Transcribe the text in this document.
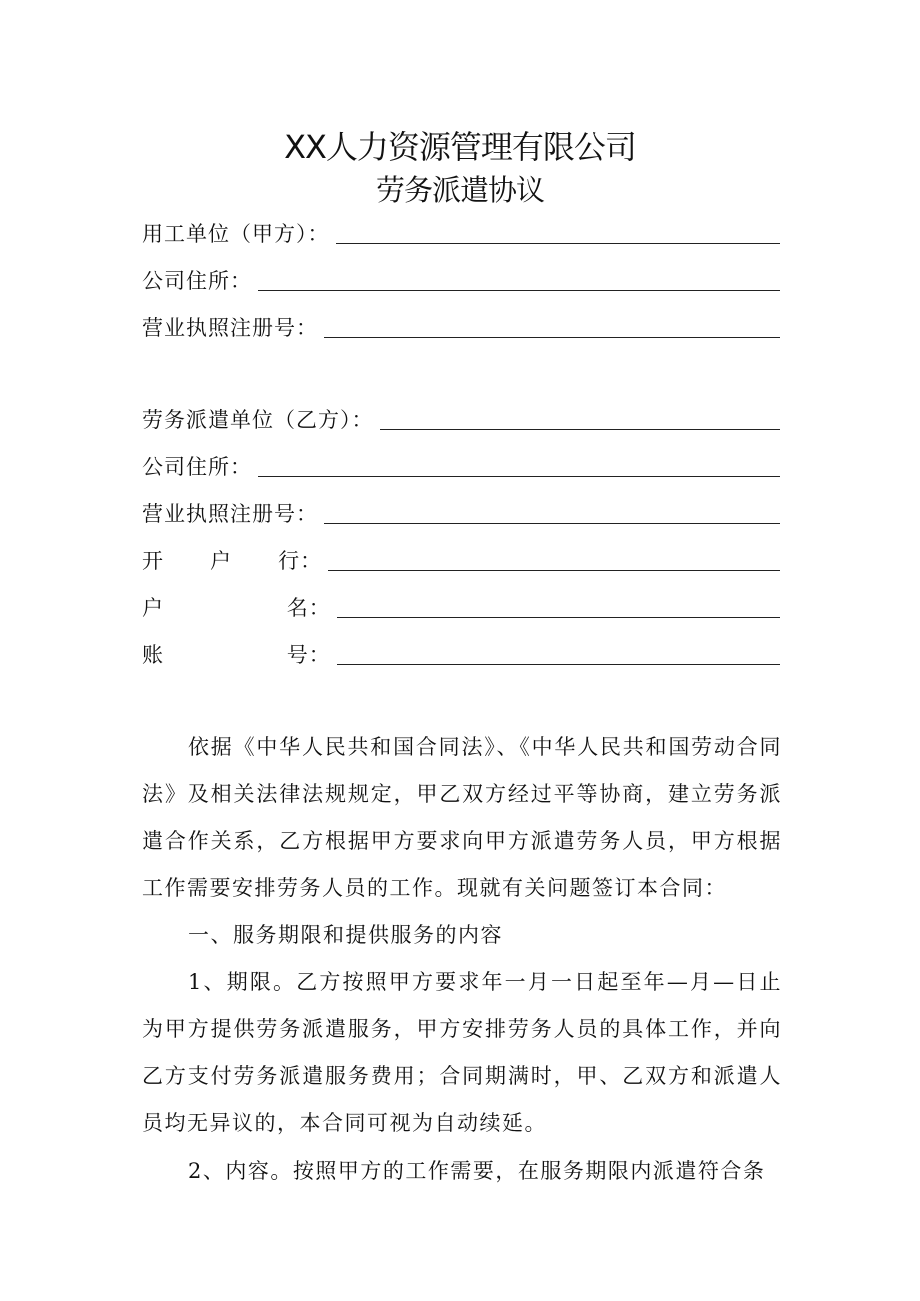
XX人力资源管理有限公司
劳务派遣协议
用工单位（甲方）：
公司住所：
营业执照注册号：
劳务派遣单位（乙方）：
公司住所：
营业执照注册号：
开      户      行：
户                名：
账                号：

依据《中华人民共和国合同法》、《中华人民共和国劳动合同法》及相关法律法规规定，甲乙双方经过平等协商，建立劳务派遣合作关系，乙方根据甲方要求向甲方派遣劳务人员，甲方根据工作需要安排劳务人员的工作。现就有关问题签订本合同：

一、服务期限和提供服务的内容

1、期限。乙方按照甲方要求年一月一日起至年—月—日止为甲方提供劳务派遣服务，甲方安排劳务人员的具体工作，并向乙方支付劳务派遣服务费用；合同期满时，甲、乙双方和派遣人员均无异议的，本合同可视为自动续延。

2、内容。按照甲方的工作需要，在服务期限内派遣符合条
